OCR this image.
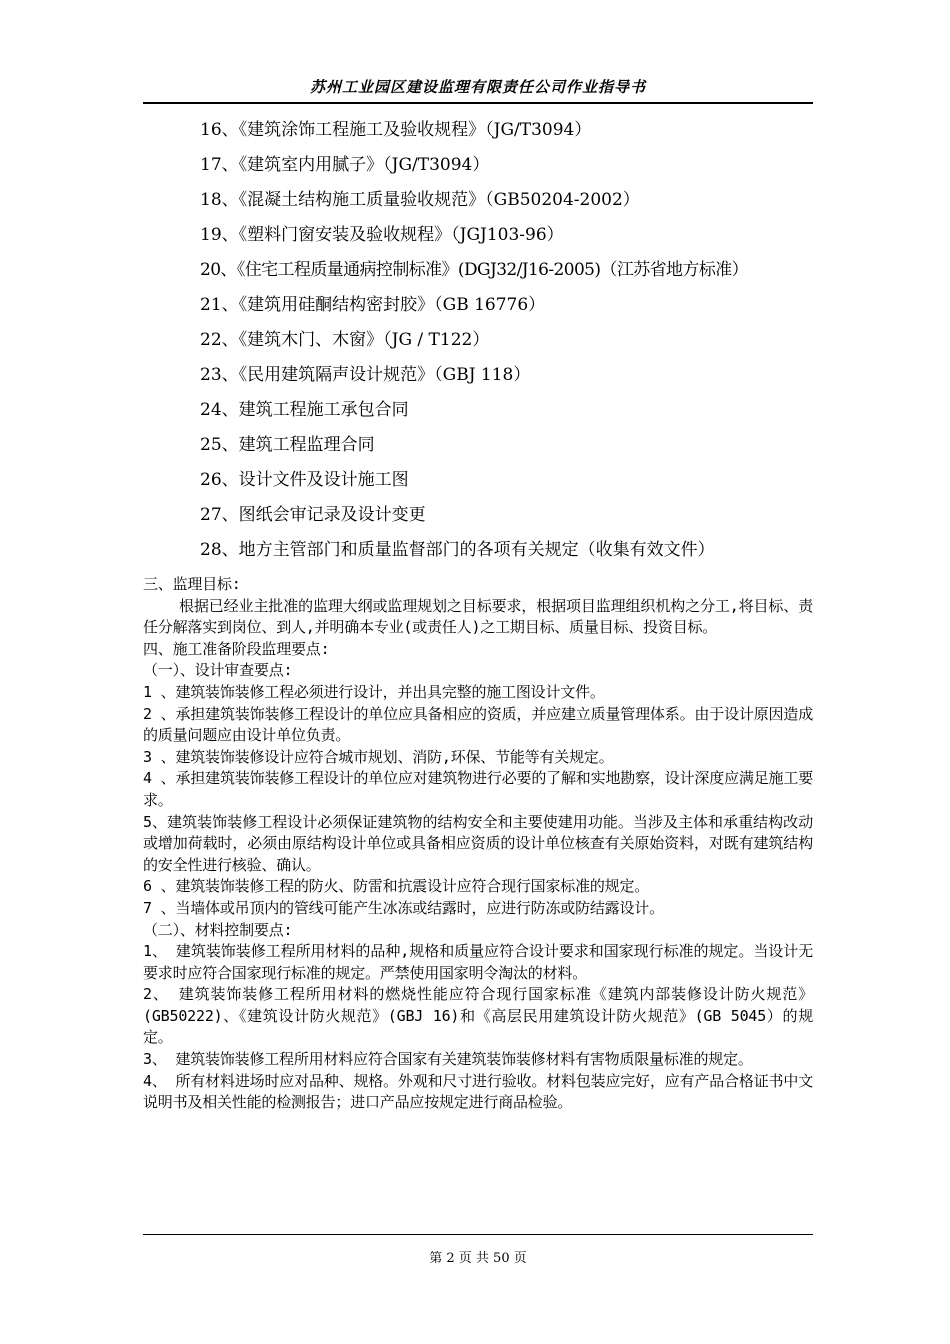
苏州工业园区建设监理有限责任公司作业指导书
16、《建筑涂饰工程施工及验收规程》（JG/T3094）
17、《建筑室内用腻子》（JG/T3094）
18、《混凝土结构施工质量验收规范》（GB50204-2002）
19、《塑料门窗安装及验收规程》（JGJ103-96）
20、《住宅工程质量通病控制标准》(DGJ32/J16-2005)（江苏省地方标准）
21、《建筑用硅酮结构密封胶》（GB 16776）
22、《建筑木门、木窗》（JG / T122）
23、《民用建筑隔声设计规范》（GBJ 118）
24、建筑工程施工承包合同
25、建筑工程监理合同
26、设计文件及设计施工图
27、图纸会审记录及设计变更
28、地方主管部门和质量监督部门的各项有关规定（收集有效文件）

三、监理目标:

根据已经业主批准的监理大纲或监理规划之目标要求，根据项目监理组织机构之分工,将目标、责任分解落实到岗位、到人,并明确本专业(或责任人)之工期目标、质量目标、投资目标。

四、施工准备阶段监理要点:

（一）、设计审查要点:

1 、建筑装饰装修工程必须进行设计，并出具完整的施工图设计文件。

2 、承担建筑装饰装修工程设计的单位应具备相应的资质，并应建立质量管理体系。由于设计原因造成的质量问题应由设计单位负责。

3 、建筑装饰装修设计应符合城市规划、消防,环保、节能等有关规定。

4 、承担建筑装饰装修工程设计的单位应对建筑物进行必要的了解和实地勘察，设计深度应满足施工要求。

5、建筑装饰装修工程设计必须保证建筑物的结构安全和主要使建用功能。当涉及主体和承重结构改动或增加荷载时，必须由原结构设计单位或具备相应资质的设计单位核查有关原始资料，对既有建筑结构的安全性进行核验、确认。

6 、建筑装饰装修工程的防火、防雷和抗震设计应符合现行国家标准的规定。

7 、当墙体或吊顶内的管线可能产生冰冻或结露时，应进行防冻或防结露设计。

（二）、材料控制要点:

1、 建筑装饰装修工程所用材料的品种,规格和质量应符合设计要求和国家现行标准的规定。当设计无要求时应符合国家现行标准的规定。严禁使用国家明令淘汰的材料。

2、 建筑装饰装修工程所用材料的燃烧性能应符合现行国家标准《建筑内部装修设计防火规范》(GB50222)、《建筑设计防火规范》(GBJ 16)和《高层民用建筑设计防火规范》(GB 5045）的规定。

3、 建筑装饰装修工程所用材料应符合国家有关建筑装饰装修材料有害物质限量标准的规定。

4、 所有材料进场时应对品种、规格。外观和尺寸进行验收。材料包装应完好，应有产品合格证书中文说明书及相关性能的检测报告；进口产品应按规定进行商品检验。

第 2 页 共 50 页
